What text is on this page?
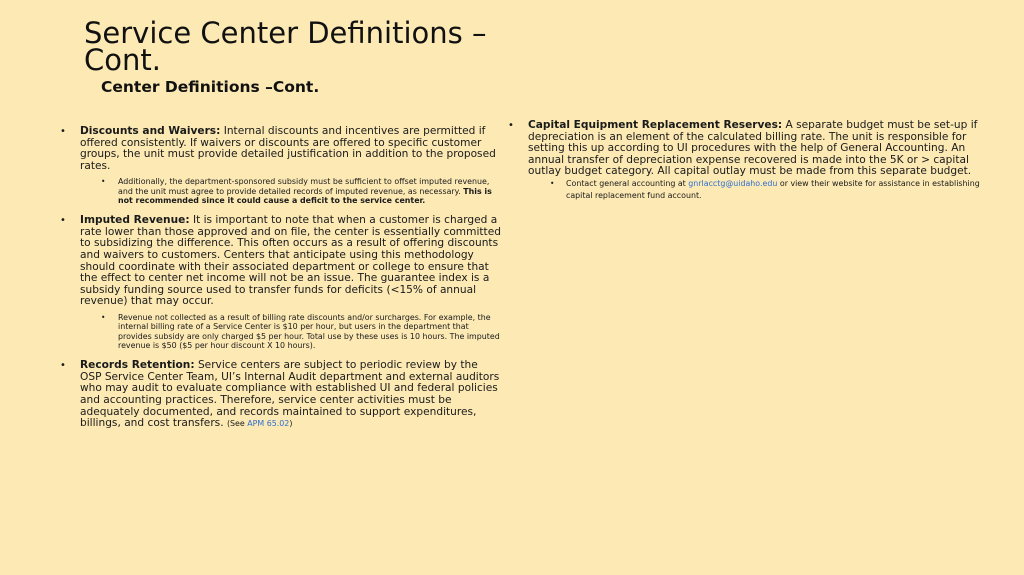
Service Center Definitions – Cont.
Center Definitions –Cont.
• Discounts and Waivers: Internal discounts and incentives are permitted if offered consistently. If waivers or discounts are offered to specific customer groups, the unit must provide detailed justification in addition to the proposed rates.
• Additionally, the department-sponsored subsidy must be sufficient to offset imputed revenue, and the unit must agree to provide detailed records of imputed revenue, as necessary. This is not recommended since it could cause a deficit to the service center.
• Imputed Revenue: It is important to note that when a customer is charged a rate lower than those approved and on file, the center is essentially committed to subsidizing the difference. This often occurs as a result of offering discounts and waivers to customers. Centers that anticipate using this methodology should coordinate with their associated department or college to ensure that the effect to center net income will not be an issue. The guarantee index is a subsidy funding source used to transfer funds for deficits (<15% of annual revenue) that may occur.
• Revenue not collected as a result of billing rate discounts and/or surcharges. For example, the internal billing rate of a Service Center is $10 per hour, but users in the department that provides subsidy are only charged $5 per hour. Total use by these uses is 10 hours. The imputed revenue is $50 ($5 per hour discount X 10 hours).
• Records Retention: Service centers are subject to periodic review by the OSP Service Center Team, UI’s Internal Audit department and external auditors who may audit to evaluate compliance with established UI and federal policies and accounting practices. Therefore, service center activities must be adequately documented, and records maintained to support expenditures, billings, and cost transfers. (See APM 65.02)
• Capital Equipment Replacement Reserves: A separate budget must be set-up if depreciation is an element of the calculated billing rate. The unit is responsible for setting this up according to UI procedures with the help of General Accounting. An annual transfer of depreciation expense recovered is made into the 5K or > capital outlay budget category. All capital outlay must be made from this separate budget.
• Contact general accounting at gnrlacctg@uidaho.edu or view their website for assistance in establishing capital replacement fund account.
